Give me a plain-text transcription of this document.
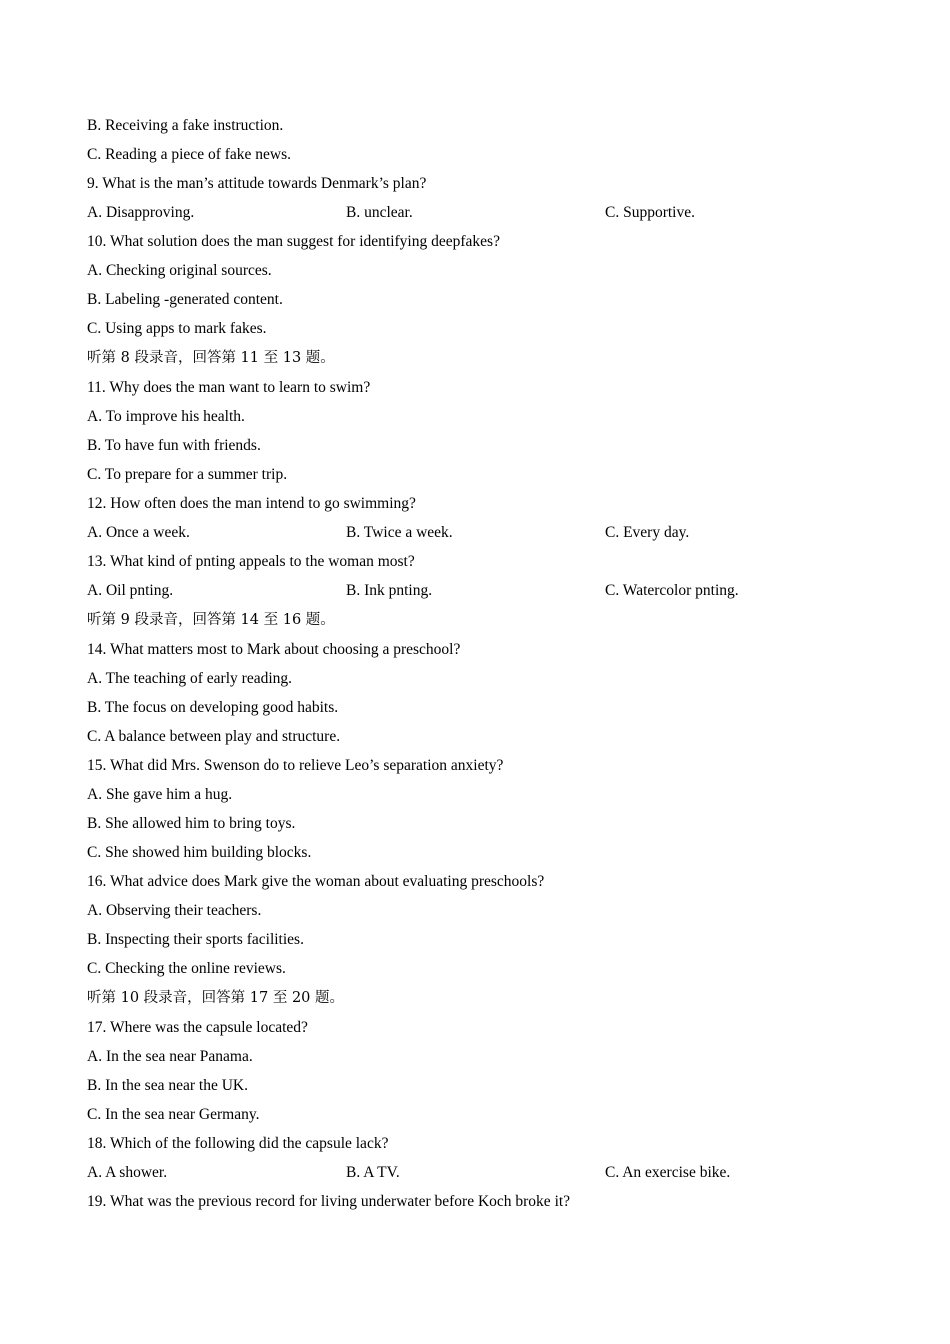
B. Receiving a fake instruction.
C. Reading a piece of fake news.
9. What is the man’s attitude towards Denmark’s plan?
A. Disapproving.	B. unclear.	C. Supportive.
10. What solution does the man suggest for identifying deepfakes?
A. Checking original sources.
B. Labeling -generated content.
C. Using apps to mark fakes.
听第 8 段录音，回答第 11 至 13 题。
11. Why does the man want to learn to swim?
A. To improve his health.
B. To have fun with friends.
C. To prepare for a summer trip.
12. How often does the man intend to go swimming?
A. Once a week.	B. Twice a week.	C. Every day.
13. What kind of pnting appeals to the woman most?
A. Oil pnting.	B. Ink pnting.	C. Watercolor pnting.
听第 9 段录音，回答第 14 至 16 题。
14. What matters most to Mark about choosing a preschool?
A. The teaching of early reading.
B. The focus on developing good habits.
C. A balance between play and structure.
15. What did Mrs. Swenson do to relieve Leo’s separation anxiety?
A. She gave him a hug.
B. She allowed him to bring toys.
C. She showed him building blocks.
16. What advice does Mark give the woman about evaluating preschools?
A. Observing their teachers.
B. Inspecting their sports facilities.
C. Checking the online reviews.
听第 10 段录音，回答第 17 至 20 题。
17. Where was the capsule located?
A. In the sea near Panama.
B. In the sea near the UK.
C. In the sea near Germany.
18. Which of the following did the capsule lack?
A. A shower.	B. A TV.	C. An exercise bike.
19. What was the previous record for living underwater before Koch broke it?
